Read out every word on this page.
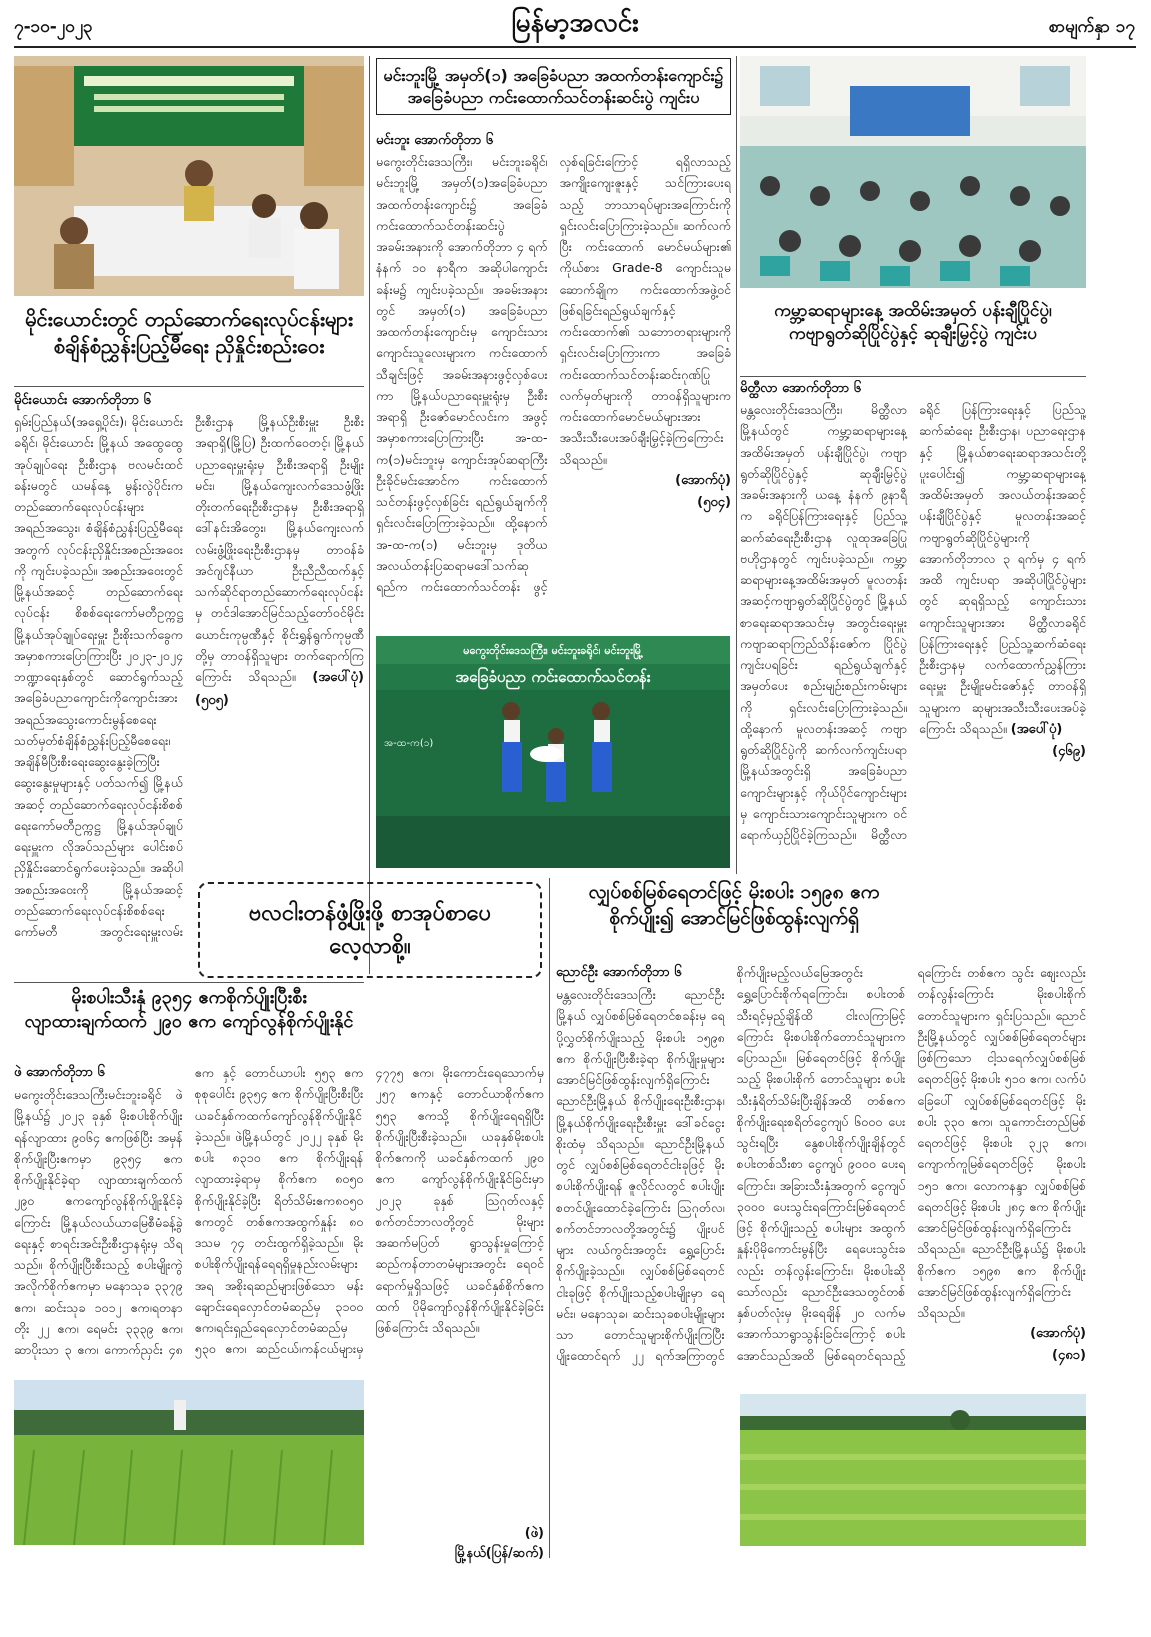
၇-၁၀-၂၀၂၃	မြန်မာ့အလင်း	စာမျက်နှာ ၁၇
မိုင်းယောင်းတွင် တည်ဆောက်ရေးလုပ်ငန်းများ
စံချိန်စံညွှန်းပြည့်မီရေး ညှိနှိုင်းစည်းဝေး
မိုင်းယောင်း အောက်တိုဘာ ၆
ရှမ်းပြည်နယ်(အရှေ့ပိုင်း)၊ မိုင်းယောင်းခရိုင်၊ မိုင်းယောင်း မြို့နယ် အထွေထွေအုပ်ချုပ်ရေး ဦးစီးဌာန ဗလမင်းထင်ခန်းမတွင် ယမန်နေ့ မွန်းလွဲပိုင်းက တည်ဆောက်ရေးလုပ်ငန်းများ အရည်အသွေး၊ စံချိန်စံညွှန်းပြည့်မီရေးအတွက် လုပ်ငန်းညှိနှိုင်းအစည်းအဝေးကို ကျင်းပခဲ့သည်။ အစည်းအဝေးတွင် မြို့နယ်အဆင့် တည်ဆောက်ရေးလုပ်ငန်း စိစစ်ရေးကော်မတီဥက္ကဋ္ဌ မြို့နယ်အုပ်ချုပ်ရေးမှူး ဦးစိုးသက်ခွေက အမှာစကားပြောကြားပြီး ၂၀၂၃-၂၀၂၄ ဘဏ္ဍာရေးနှစ်တွင် ဆောင်ရွက်သည့် အခြေခံပညာကျောင်းကိုကျောင်းအား အရည်အသွေးကောင်းမွန်စေရေးသတ်မှတ်စံချိန်စံညွှန်းပြည့်မီစေရေး၊ အချိန်မီပြီးစီးရေးဆွေးနွေးခဲ့ကြပြီး ဆွေးနွေးမှုများနှင့် ပတ်သက်၍ မြို့နယ်အဆင့် တည်ဆောက်ရေးလုပ်ငန်းစိစစ်ရေးကော်မတီဥက္ကဋ္ဌ မြို့နယ်အုပ်ချုပ်ရေးမှူးက လိုအပ်သည်များ ပေါင်းစပ်ညှိနှိုင်းဆောင်ရွက်ပေးခဲ့သည်။ အဆိုပါ အစည်းအဝေးကို မြို့နယ်အဆင့် တည်ဆောက်ရေးလုပ်ငန်းစိစစ်ရေးကော်မတီ အတွင်းရေးမှူးလမ်းဦးစီးဌာန မြို့နယ်ဦးစီးမှူး ဦးစီးအရာရှိ(မြို့ပြ) ဦးထက်ဝေတင့်၊ မြို့နယ်ပညာရေးမှူးရုံးမှ ဦးစီးအရာရှိ ဦးမျိုးမင်း၊ မြို့နယ်ကျေးလက်ဒေသဖွံ့ဖြိုးတိုးတက်ရေးဦးစီးဌာနမှ ဦးစီးအရာရှိ ဒေါ်နင်းအိတွေး၊ မြို့နယ်ကျေးလက်လမ်းဖွံ့ဖြိုးရေးဦးစီးဌာနမှ တာဝန်ခံအင်ဂျင်နီယာ ဦးညီညီထက်နှင့် သက်ဆိုင်ရာတည်ဆောက်ရေးလုပ်ငန်းမှ တင်ဒါအောင်မြင်သည့်တော်ဝင်မိုင်းယောင်းကုမ္ပဏီနှင့် စိုင်းရွှန်ရွက်ကုမ္ပဏီတို့မှ တာဝန်ရှိသူများ တက်ရောက်ကြကြောင်း သိရသည်။ (အပေါ်ပုံ) (၅၀၅)
မင်းဘူးမြို့ အမှတ်(၁) အခြေခံပညာ အထက်တန်းကျောင်း၌
အခြေခံပညာ ကင်းထောက်သင်တန်းဆင်းပွဲ ကျင်းပ
မင်းဘူး အောက်တိုဘာ ၆
မကွေးတိုင်းဒေသကြီး၊ မင်းဘူးခရိုင်၊ မင်းဘူးမြို့ အမှတ်(၁)အခြေခံပညာ အထက်တန်းကျောင်း၌ အခြေခံကင်းထောက်သင်တန်းဆင်းပွဲ အခမ်းအနားကို အောက်တိုဘာ ၄ ရက် နံနက် ၁၀ နာရီက အဆိုပါကျောင်းခန်းမ၌ ကျင်းပခဲ့သည်။ အခမ်းအနားတွင် အမှတ်(၁) အခြေခံပညာအထက်တန်းကျောင်းမှ ကျောင်းသားကျောင်းသူလေးများက ကင်းထောက်သီချင်းဖြင့် အခမ်းအနားဖွင့်လှစ်ပေးကာ မြို့နယ်ပညာရေးမှူးရုံးမှ ဦးစီးအရာရှိ ဦးဇော်မောင်လင်းက အဖွင့်အမှာစကားပြောကြားပြီး အ-ထ-က(၁)မင်းဘူးမှ ကျောင်းအုပ်ဆရာကြီး ဦးခိုင်မင်းအောင်က ကင်းထောက်သင်တန်းဖွင့်လှစ်ခြင်း ရည်ရွယ်ချက်ကို ရှင်းလင်းပြောကြားခဲ့သည်။ ထို့နောက် အ-ထ-က(၁) မင်းဘူးမှ ဒုတိယ အလယ်တန်းပြဆရာမဒေါ်သက်ဆုရည်က ကင်းထောက်သင်တန်း ဖွင့်လှစ်ရခြင်းကြောင့် ရရှိလာသည့် အကျိုးကျေးဇူးနှင့် သင်ကြားပေးရသည့် ဘာသာရပ်များအကြောင်းကို ရှင်းလင်းပြောကြားခဲ့သည်။ ဆက်လက်ပြီး ကင်းထောက် မောင်မယ်များ၏ ကိုယ်စား Grade-8 ကျောင်းသူမဆောက်ချိုက ကင်းထောက်အဖွဲ့ဝင် ဖြစ်ရခြင်းရည်ရွယ်ချက်နှင့် ကင်းထောက်၏ သဘောတရားများကို ရှင်းလင်းပြောကြားကာ အခြေခံကင်းထောက်သင်တန်းဆင်းဂုဏ်ပြုလက်မှတ်များကို တာဝန်ရှိသူများက ကင်းထောက်မောင်မယ်များအား အသီးသီးပေးအပ်ချီးမြှင့်ခဲ့ကြကြောင်း သိရသည်။
(အောက်ပုံ)
(၅၀၄)
မကွေးတိုင်းဒေသကြီး၊ မင်းဘူးခရိုင်၊ မင်းဘူးမြို့
အခြေခံပညာ ကင်းထောက်သင်တန်း
အ-ထ-က(၁)
ကမ္ဘာ့ဆရာများနေ့ အထိမ်းအမှတ် ပန်းချီပြိုင်ပွဲ၊
ကဗျာရွတ်ဆိုပြိုင်ပွဲနှင့် ဆုချီးမြှင့်ပွဲ ကျင်းပ
မိတ္ထီလာ အောက်တိုဘာ ၆
မန္တလေးတိုင်းဒေသကြီး၊ မိတ္ထီလာမြို့နယ်တွင် ကမ္ဘာ့ဆရာများနေ့ အထိမ်းအမှတ် ပန်းချီပြိုင်ပွဲ၊ ကဗျာရွတ်ဆိုပြိုင်ပွဲနှင့် ဆုချီးမြှင့်ပွဲအခမ်းအနားကို ယနေ့ နံနက် ၉နာရီက ခရိုင်ပြန်ကြားရေးနှင့် ပြည်သူ့ဆက်ဆံရေးဦးစီးဌာန လူထုအခြေပြုဗဟိုဌာနတွင် ကျင်းပခဲ့သည်။ ကမ္ဘာ့ဆရာများနေ့အထိမ်းအမှတ် မူလတန်းအဆင့်ကဗျာရွတ်ဆိုပြိုင်ပွဲတွင် မြို့နယ်စာရေးဆရာအသင်းမှ အတွင်းရေးမှူး ကဗျာဆရာကြည်သိန်းဇော်က ပြိုင်ပွဲကျင်းပရခြင်း ရည်ရွယ်ချက်နှင့် အမှတ်ပေး စည်းမျဉ်းစည်းကမ်းများကို ရှင်းလင်းပြောကြားခဲ့သည်။ ထို့နောက် မူလတန်းအဆင့် ကဗျာရွတ်ဆိုပြိုင်ပွဲကို ဆက်လက်ကျင်းပရာ မြို့နယ်အတွင်းရှိ အခြေခံပညာကျောင်းများနှင့် ကိုယ်ပိုင်ကျောင်းများမှ ကျောင်းသားကျောင်းသူများက ဝင်ရောက်ယှဉ်ပြိုင်ခဲ့ကြသည်။ မိတ္ထီလာခရိုင် ပြန်ကြားရေးနှင့် ပြည်သူ့ဆက်ဆံရေး ဦးစီးဌာန၊ ပညာရေးဌာနနှင့် မြို့နယ်စာရေးဆရာအသင်းတို့ ပူးပေါင်း၍ ကမ္ဘာ့ဆရာများနေ့ အထိမ်းအမှတ် အလယ်တန်းအဆင့် ပန်းချီပြိုင်ပွဲနှင့် မူလတန်းအဆင့် ကဗျာရွတ်ဆိုပြိုင်ပွဲများကို အောက်တိုဘာလ ၃ ရက်မှ ၄ ရက်အထိ ကျင်းပရာ အဆိုပါပြိုင်ပွဲများတွင် ဆုရရှိသည့် ကျောင်းသားကျောင်းသူများအား မိတ္ထီလာခရိုင်ပြန်ကြားရေးနှင့် ပြည်သူ့ဆက်ဆံရေးဦးစီးဌာနမှ လက်ထောက်ညွှန်ကြားရေးမှူး ဦးမျိုးမင်းဇော်နှင့် တာဝန်ရှိသူများက ဆုများအသီးသီးပေးအပ်ခဲ့ကြောင်း သိရသည်။ (အပေါ်ပုံ)
(၄၆၉)
ဗလငါးတန်ဖွံ့ဖြိုးဖို့ စာအုပ်စာပေ
လေ့လာစို့။
မိုးစပါးသီးနှံ ၉၃၅၄ ဧကစိုက်ပျိုးပြီးစီး
လျာထားချက်ထက် ၂၉၀ ဧက ကျော်လွန်စိုက်ပျိုးနိုင်
ဖဲ အောက်တိုဘာ ၆
မကွေးတိုင်းဒေသကြီးမင်းဘူးခရိုင် ဖဲမြို့နယ်၌ ၂၀၂၃ ခုနှစ် မိုးစပါးစိုက်ပျိုးရန်လျာထား ၉၀၆၄ ဧကဖြစ်ပြီး အမှန်စိုက်ပျိုးပြီးဧကမှာ ၉၃၅၄ ဧက စိုက်ပျိုးနိုင်ခဲ့ရာ လျာထားချက်ထက် ၂၉၀ ဧကကျော်လွန်စိုက်ပျိုးနိုင်ခဲ့ကြောင်း မြို့နယ်လယ်ယာမြေစီမံခန့်ခွဲရေးနှင့် စာရင်းအင်းဦးစီးဌာနရုံးမှ သိရသည်။ စိုက်ပျိုးပြီးစီးသည့် စပါးမျိုးကွဲအလိုက်စိုက်ဧကမှာ မနောသုခ ၃၃၇၉ ဧက၊ ဆင်းသုခ ၁၀၁၂ ဧက၊ရတနာတိုး ၂၂ ဧက၊ ရေမင်း ၃၃၃၉ ဧက၊ ဆာပိုးသာ ၃ ဧက၊ ကောက်ညှင်း ၄၈ ဧက နှင့် တောင်ယာပါး ၅၅၃ ဧကစုစုပေါင်း ၉၃၅၄ ဧက စိုက်ပျိုးပြီးစီးပြီး ယခင်နှစ်ကထက်ကျော်လွန်စိုက်ပျိုးနိုင်ခဲ့သည်။ ဖဲမြို့နယ်တွင် ၂၀၂၂ ခုနှစ် မိုးစပါး ၈၃၁၀ ဧက စိုက်ပျိုးရန် လျာထားခဲ့ရာမှ စိုက်ဧက ၈၀၅၀ စိုက်ပျိုးနိုင်ခဲ့ပြီး ရိတ်သိမ်းဧက၈၀၅၀ ဧကတွင် တစ်ဧကအထွက်နှုန်း ၈၀ ဒသမ ၇၄ တင်းထွက်ရှိခဲ့သည်။ မိုးစပါးစိုက်ပျိုးရန်ရေရရှိမှုနည်းလမ်းများအရ အစိုးရဆည်များဖြစ်သော မန်းချောင်းရေလှောင်တမံဆည်မှ ၃၁၀၀ ဧက၊ရင်းရှည်ရေလှောင်တမံဆည်မှ ၅၃၀ ဧက၊ ဆည်ငယ်၊ကန်ငယ်များမှ ၄၇၇၅ ဧက၊ မိုးကောင်းရေသောက်မှ ၂၅၇ ဧကနှင့် တောင်ယာစိုက်ဧက ၅၅၃ ဧကသို့ စိုက်ပျိုးရေရရှိပြီး စိုက်ပျိုးပြီးစီးခဲ့သည်။ ယခုနှစ်မိုးစပါးစိုက်ဧကကို ယခင်နှစ်ကထက် ၂၉၀ ဧက ကျော်လွန်စိုက်ပျိုးနိုင်ခြင်းမှာ ၂၀၂၃ ခုနှစ် ဩဂုတ်လနှင့် စက်တင်ဘာလတို့တွင် မိုးများအဆက်မပြတ် ရွာသွန်းမှုကြောင့် ဆည်ကန်တာတမံများအတွင်း ရေဝင်ရောက်မှုရှိသဖြင့် ယခင်နှစ်စိုက်ဧကထက် ပိုမိုကျော်လွန်စိုက်ပျိုးနိုင်ခဲ့ခြင်းဖြစ်ကြောင်း သိရသည်။
(ဖဲ)
မြို့နယ်(ပြန်/ဆက်)
လျှပ်စစ်မြစ်ရေတင်ဖြင့် မိုးစပါး ၁၅၉၈ ဧက
စိုက်ပျိုး၍ အောင်မြင်ဖြစ်ထွန်းလျက်ရှိ
ညောင်ဦး အောက်တိုဘာ ၆
မန္တလေးတိုင်းဒေသကြီး ညောင်ဦးမြို့နယ် လျှပ်စစ်မြစ်ရေတင်စခန်းမှ ရေပို့လွှတ်စိုက်ပျိုးသည့် မိုးစပါး ၁၅၉၈ ဧက စိုက်ပျိုးပြီးစီးခဲ့ရာ စိုက်ပျိုးမှုများ အောင်မြင်ဖြစ်ထွန်းလျက်ရှိကြောင်း ညောင်ဦးမြို့နယ် စိုက်ပျိုးရေးဦးစီးဌာန၊ မြို့နယ်စိုက်ပျိုးရေးဦးစီးမှူး ဒေါ်ခင်ငွေးစိုးထံမှ သိရသည်။ ညောင်ဦးမြို့နယ်တွင် လျှပ်စစ်မြစ်ရေတင်ငါးခုဖြင့် မိုးစပါးစိုက်ပျိုးရန် ဇူလိုင်လတွင် စပါးပျိုးစတင်ပျိုးထောင်ခဲ့ကြောင်း ဩဂုတ်လ၊ စက်တင်ဘာလတို့အတွင်း၌ ပျိုးပင်များ လယ်ကွင်းအတွင်း ရွှေ့ပြောင်းစိုက်ပျိုးခဲ့သည်။ လျှပ်စစ်မြစ်ရေတင်ငါးခုဖြင့် စိုက်ပျိုးသည့်စပါးမျိုးမှာ ရေမင်း၊ မနောသုခ၊ ဆင်းသုခစပါးမျိုးများသာ တောင်သူများစိုက်ပျိုးကြပြီး ပျိုးထောင်ရက် ၂၂ ရက်အကြာတွင် စိုက်ပျိုးမည့်လယ်မြေအတွင်း ရွှေ့ပြောင်းစိုက်ရကြောင်း၊ စပါးတစ်သီးရင့်မှည့်ချိန်ထိ ငါးလကြာမြင့်ကြောင်း မိုးစပါးစိုက်တောင်သူများက ပြောသည်။ မြစ်ရေတင်ဖြင့် စိုက်ပျိုးသည့် မိုးစပါးစိုက် တောင်သူများ စပါးသီးနှံရိတ်သိမ်းပြီးချိန်အထိ တစ်ဧက စိုက်ပျိုးရေးစရိတ်ငွေကျပ် ၆၀၀၀ ပေးသွင်းရပြီး နွေစပါးစိုက်ပျိုးချိန်တွင် စပါးတစ်သီးစာ ငွေကျပ် ၉၀၀၀ ပေးရကြောင်း၊ အခြားသီးနှံအတွက် ငွေကျပ် ၃၀၀၀ ပေးသွင်းရကြောင်းမြစ်ရေတင်ဖြင့် စိုက်ပျိုးသည့် စပါးများ အထွက်နှုန်းပိုမိုကောင်းမွန်ပြီး ရေပေးသွင်းခလည်း တန်လွန်းကြောင်း၊ မိုးစပါးဆိုသော်လည်း ညောင်ဦးဒေသတွင်တစ်နှစ်ပတ်လုံးမှ မိုးရေချိန် ၂၀ လက်မအောက်သာရွာသွန်းခြင်းကြောင့် စပါးအောင်သည်အထိ မြစ်ရေတင်ရသည့်ရကြောင်း တစ်ဧက သွင်း စျေးလည်းတန်လွန်းကြောင်း မိုးစပါးစိုက်တောင်သူများက ရှင်းပြသည်။ ညောင်ဦးမြို့နယ်တွင် လျှပ်စစ်မြစ်ရေတင်များဖြစ်ကြသော ငါ့သရေက်လျှပ်စစ်မြစ်ရေတင်ဖြင့် မိုးစပါး ၅၁၀ ဧက၊ လက်ပံခြေပေါ် လျှပ်စစ်မြစ်ရေတင်ဖြင့် မိုးစပါး ၃၃၀ ဧက၊ သူကောင်းတည်မြစ်ရေတင်ဖြင့် မိုးစပါး ၃၂၃ ဧက၊ ကျောက်ကူမြစ်ရေတင်ဖြင့် မိုးစပါး ၁၅၁ ဧက၊ လောကနန္ဒာ လျှပ်စစ်မြစ်ရေတင်ဖြင့် မိုးစပါး ၂၈၄ ဧက စိုက်ပျိုးအောင်မြင်ဖြစ်ထွန်းလျက်ရှိကြောင်း သိရသည်။ ညောင်ဦးမြို့နယ်၌ မိုးစပါးစိုက်ဧက ၁၅၉၈ ဧက စိုက်ပျိုးအောင်မြင်ဖြစ်ထွန်းလျက်ရှိကြောင်း သိရသည်။
(အောက်ပုံ)
(၄၈၁)
